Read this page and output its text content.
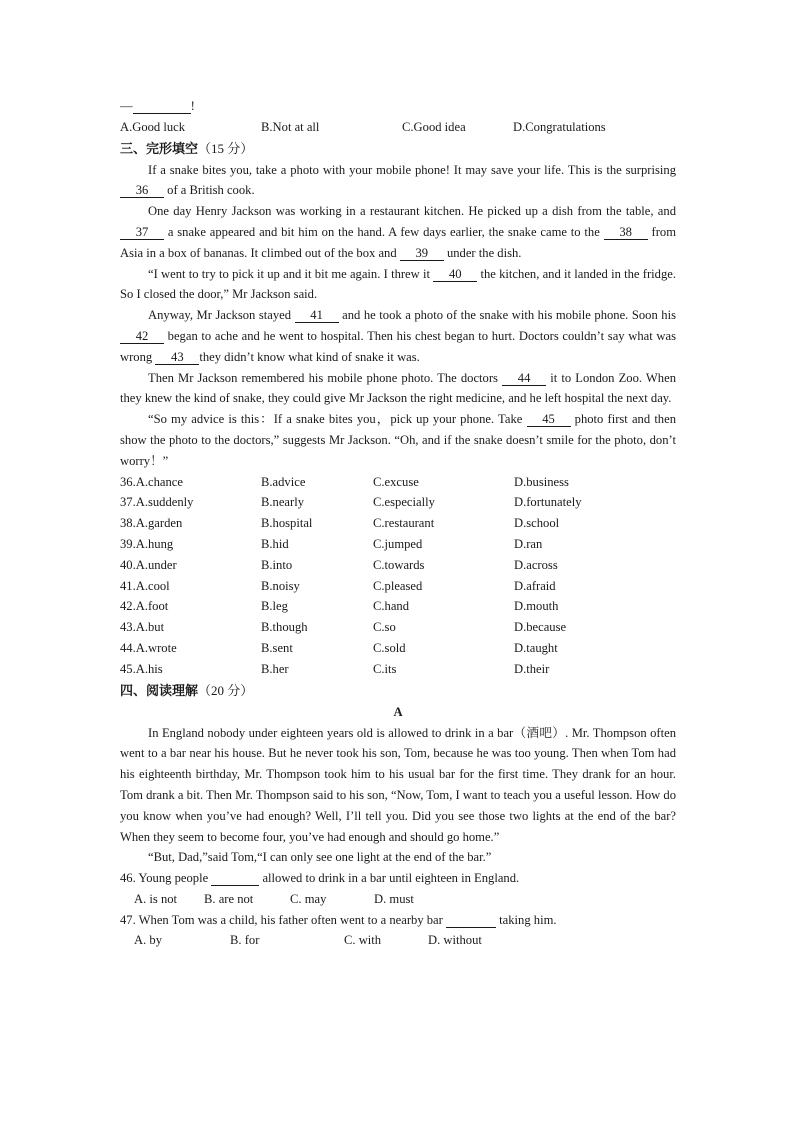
—	!
A.Good luck	B.Not at all	C.Good idea	D.Congratulations
三、完形填空（15 分）
If a snake bites you, take a photo with your mobile phone! It may save your life. This is the surprising 36 of a British cook.
One day Henry Jackson was working in a restaurant kitchen. He picked up a dish from the table, and 37 a snake appeared and bit him on the hand. A few days earlier, the snake came to the 38 from Asia in a box of bananas. It climbed out of the box and 39 under the dish.
“I went to try to pick it up and it bit me again. I threw it 40 the kitchen, and it landed in the fridge. So I closed the door,” Mr Jackson said.
Anyway, Mr Jackson stayed 41 and he took a photo of the snake with his mobile phone. Soon his 42 began to ache and he went to hospital. Then his chest began to hurt. Doctors couldn’t say what was wrong 43 they didn’t know what kind of snake it was.
Then Mr Jackson remembered his mobile phone photo. The doctors 44 it to London Zoo. When they knew the kind of snake, they could give Mr Jackson the right medicine, and he left hospital the next day.
“So my advice is this：If a snake bites you，pick up your phone. Take 45 photo first and then show the photo to the doctors,” suggests Mr Jackson. “Oh, and if the snake doesn’t smile for the photo, don’t worry！”
36.A.chance	B.advice	C.excuse	D.business
37.A.suddenly	B.nearly	C.especially	D.fortunately
38.A.garden	B.hospital	C.restaurant	D.school
39.A.hung	B.hid	C.jumped	D.ran
40.A.under	B.into	C.towards	D.across
41.A.cool	B.noisy	C.pleased	D.afraid
42.A.foot	B.leg	C.hand	D.mouth
43.A.but	B.though	C.so	D.because
44.A.wrote	B.sent	C.sold	D.taught
45.A.his	B.her	C.its	D.their
四、阅读理解（20 分）
A
In England nobody under eighteen years old is allowed to drink in a bar（酒吧）. Mr. Thompson often went to a bar near his house. But he never took his son, Tom, because he was too young. Then when Tom had his eighteenth birthday, Mr. Thompson took him to his usual bar for the first time. They drank for an hour. Tom drank a bit. Then Mr. Thompson said to his son, “Now, Tom, I want to teach you a useful lesson. How do you know when you’ve had enough? Well, I’ll tell you. Did you see those two lights at the end of the bar? When they seem to become four, you’ve had enough and should go home.”
“But, Dad,”said Tom,“I can only see one light at the end of the bar.”
46. Young people	allowed to drink in a bar until eighteen in England.
A. is not	B. are not	C. may	D. must
47. When Tom was a child, his father often went to a nearby bar	taking him.
A. by	B. for	C. with	D. without
